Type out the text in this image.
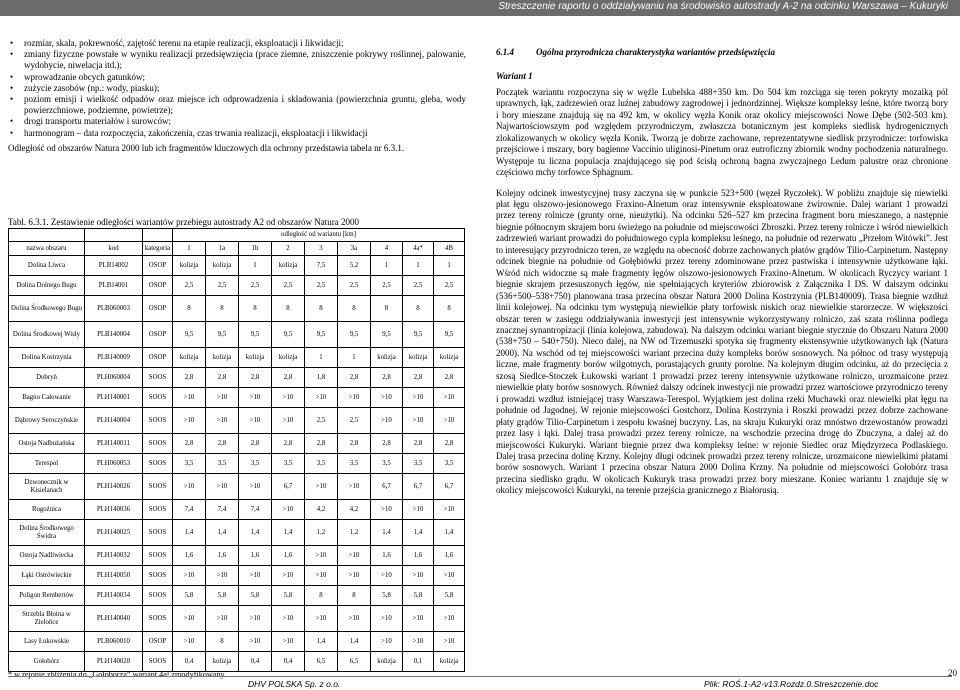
Streszczenie raportu o oddziaływaniu na środowisko autostrady A-2 na odcinku Warszawa – Kukuryki
• rozmiar, skala, pokrewność, zajętość terenu na etapie realizacji, eksploatacji i likwidacji;
• zmiany fizyczne powstałe w wyniku realizacji przedsięwzięcia (prace ziemne, zniszczenie pokrywy roślinnej, palowanie, wydobycie, niwelacja itd.);
• wprowadzanie obcych gatunków;
• zużycie zasobów (np.: wody, piasku);
• poziom emisji i wielkość odpadów oraz miejsce ich odprowadzenia i składowania (powierzchnia gruntu, gleba, wody powierzchniowe, podziemne, powietrze);
• drogi transportu materiałów i surowców;
• harmonogram – data rozpoczęcia, zakończenia, czas trwania realizacji, eksploatacji i likwidacji
Odległość od obszarów Natura 2000 lub ich fragmentów kluczowych dla ochrony przedstawia tabela nr 6.3.1.
Tabl. 6.3.1. Zestawienie odległości wariantów przebiegu autostrady A2 od obszarów Natura 2000
			odległość od wariantu [km]								
nazwa obszaru	kod	kategoria	1	1a	1b	2	3	3a	4	4a*	4B
Dolina Liwca	PLB14002	OSOP	kolizja	kolizja	1	kolizja	7,5	5,2	1	1	1
Dolina Dolnego Bugu	PLB14001	OSOP	2,5	2,5	2,5	2,5	2,5	2,5	2,5	2,5	2,5
Dolina Środkowego Bugu	PLB060003	OSOP	8	8	8	8	8	8	8	8	8
Dolina Środkowej Wisły	PLB140004	OSOP	9,5	9,5	9,5	9,5	9,5	9,5	9,5	9,5	9,5
Dolina Kostrzynia	PLB140009	OSOP	kolizja	kolizja	kolizja	kolizja	1	1	kolizja	kolizja	kolizja
Dobryń	PLH060004	SOOS	2,8	2,8	2,8	2,8	1,8	2,8	2,8	2,8	2,8
Bagno Całowanie	PLH140001	SOOS	>10	>10	>10	>10	>10	>10	>10	>10	>10
Dąbrowy Seroczyńskie	PLH140004	SOOS	>10	>10	>10	>10	2,5	2,5	>10	>10	>10
Ostoja Nadbużańska	PLH140011	SOOS	2,8	2,8	2,8	2,8	2,8	2,8	2,8	2,8	2,8
Terespol	PLH060053	SOOS	3,5	3,5	3,5	3,5	3,5	3,5	3,5	3,5	3,5
Dzwonecznik w Kisielanach	PLH140026	SOOS	>10	>10	>10	6,7	>10	>10	6,7	6,7	6,7
Rogoźnica	PLH140036	SOOS	7,4	7,4	7,4	>10	4,2	4,2	>10	>10	>10
Dolina Środkowego Świdra	PLH140025	SOOS	1,4	1,4	1,4	1,4	1,2	1,2	1,4	1,4	1,4
Ostoja Nadliwiecka	PLH140032	SOOS	1,6	1,6	1,6	1,6	>10	>10	1,6	1,6	1,6
Łąki Ostrówieckie	PLH140050	SOOS	>10	>10	>10	>10	>10	>10	>10	>10	>10
Poligon Rembertów	PLH140034	SOOS	5,8	5,8	5,8	5,8	8	8	5,8	5,8	5,8
Strzebla Błotna w Zielońce	PLH140040	SOOS	>10	>10	>10	>10	>10	>10	>10	>10	>10
Lasy Łukowskie	PLB060010	OSOP	>10	8	>10	>10	1,4	1,4	>10	>10	>10
Gołobórz	PLH140028	SOOS	0,4	kolizja	0,4	0,4	6,5	6,5	kolizja	0,1	kolizja
* w rejonie zbliżenia do „Gołoborza” wariant 4a¹ zmodyfikowany
6.1.4 Ogólna przyrodnicza charakterystyka wariantów przedsięwzięcia
Wariant 1

Początek wariantu rozpoczyna się w węźle Lubelska 488+350 km. Do 504 km rozciąga się teren pokryty mozaiką pól uprawnych, łąk, zadrzewień oraz luźnej zabudowy zagrodowej i jednordzinnej. Większe kompleksy leśne, które tworzą bory i bory mieszane znajdują się na 492 km, w okolicy węzła Konik oraz okolicy miejscowości Nowe Dębe (502-503 km). Najwartościowszym pod względem przyrodniczym, zwłaszcza botanicznym jest kompleks siedlisk hydrogenicznych zlokalizowanych w okolicy węzła Konik. Tworzą je dobrze zachowane, reprezentatywne siedlisk przyrodnicze: torfowiska przejściowe i mszary, bory bagienne Vaccinio uliginosi-Pinetum oraz eutroficzny zbiornik wodny pochodzenia naturalnego. Występuje tu liczna populacja znajdującego się pod ścisłą ochroną bagna zwyczajnego Ledum palustre oraz chronione częściowo mchy torfowce Sphagnum.

Kolejny odcinek inwestycyjnej trasy zaczyna się w punkcie 523+500 (węzeł Ryczołek). W pobliżu znajduje się niewielki płat łęgu olszowo-jesionowego Fraxino-Alnetum oraz intensywnie eksploatowane żwirownie. Dalej wariant 1 prowadzi przez tereny rolnicze (grunty orne, nieużytki). Na odcinku 526–527 km przecina fragment boru mieszanego, a następnie biegnie północnym skrajem boru świeżego na południe od miejscowości Zbroszki. Przez tereny rolnicze i wśród niewielkich zadrzewień wariant prowadzi do południowego cypla kompleksu leśnego, na południe od rezerwatu „Przełom Witówki”. Jest to interesujący przyrodniczo teren, ze względu na obecność dobrze zachowanych płatów grądów Tilio-Carpinetum. Następny odcinek biegnie na południe od Gołębiówki przez tereny zdominowane przez pastwiska i intensywnie użytkowane łąki. Wśród nich widoczne są małe fragmenty łęgów olszowo-jesionowych Fraxino-Alnetum. W okolicach Ryczycy wariant 1 biegnie skrajem przesuszonych łęgów, nie spełniających kryteriów zbiorowisk z Załącznika I DS. W dalszym odcinku (536+500–538+750) planowana trasa przecina obszar Natura 2000 Dolina Kostrzynia (PLB140009). Trasa biegnie wzdłuż linii kolejowej. Na odcinku tym występują niewielkie płaty torfowisk niskich oraz niewielkie starorzecze. W większości obszar teren w zasięgu oddziaływania inwestycji jest intensywnie wykorzystywany rolniczo, zaś szata roślinna podlega znacznej synantropizacji (linia kolejowa, zabudowa). Na dalszym odcinku wariant biegnie stycznie do Obszaru Natura 2000 (538+750 – 540+750). Nieco dalej, na NW od Trzemuszki spotyka się fragmenty ekstensywnie użytkowanych łąk (Natura 2000). Na wschód od tej miejscowości wariant przecina duży kompleks borów sosnowych. Na północ od trasy występują liczne, małe fragmenty borów wilgotnych, porastających grunty porolne. Na kolejnym długim odcinku, aż do przecięcia z szosą Siedlce-Stoczek Łukowski wariant 1 prowadzi przez tereny intensywnie użytkowane rolniczo, urozmaicone przez niewielkie płaty borów sosnowych. Również dalszy odcinek inwestycji nie prowadzi przez wartościowe przyrodniczo tereny i prowadzi wzdłuż istniejącej trasy Warszawa-Terespol. Wyjątkiem jest dolina rzeki Muchawki oraz niewielki płat łęgu na południe od Jagodnej. W rejonie miejscowości Gostchorz, Dolina Kostrzynia i Roszki prowadzi przez dobrze zachowane płaty grądów Tilio-Carpinetum i zespołu kwaśnej buczyny. Las, na skraju Kukuryki oraz mnóstwo drzewostanów prowadzi przez lasy i łąki. Dalej trasa prowadzi przez tereny rolnicze, na wschodzie przecina drogę do Zbuczyna, a dalej aż do miejscowości Kukuryki. Wariant biegnie przez dwa kompleksy leśne: w rejonie Siedlec oraz Międzyrzeca Podlaskiego. Dalej trasa przecina dolinę Krzny. Kolejny długi odcinek prowadzi przez tereny rolnicze, urozmaicone niewielkimi płatami borów sosnowych. Wariant 1 przecina obszar Natura 2000 Dolina Krzny. Na południe od miejscowości Gołobórz trasa przecina siedlisko grądu. W okolicach Kukuryk trasa prowadzi przez bory mieszane. Koniec wariantu 1 znajduje się w okolicy miejscowości Kukuryki, na terenie przejścia granicznego z Białorusią.

20
DHV POLSKA Sp. z o.o.	Plik: ROŚ.1-A2-v13.Rozdz.0.Streszczenie.doc
